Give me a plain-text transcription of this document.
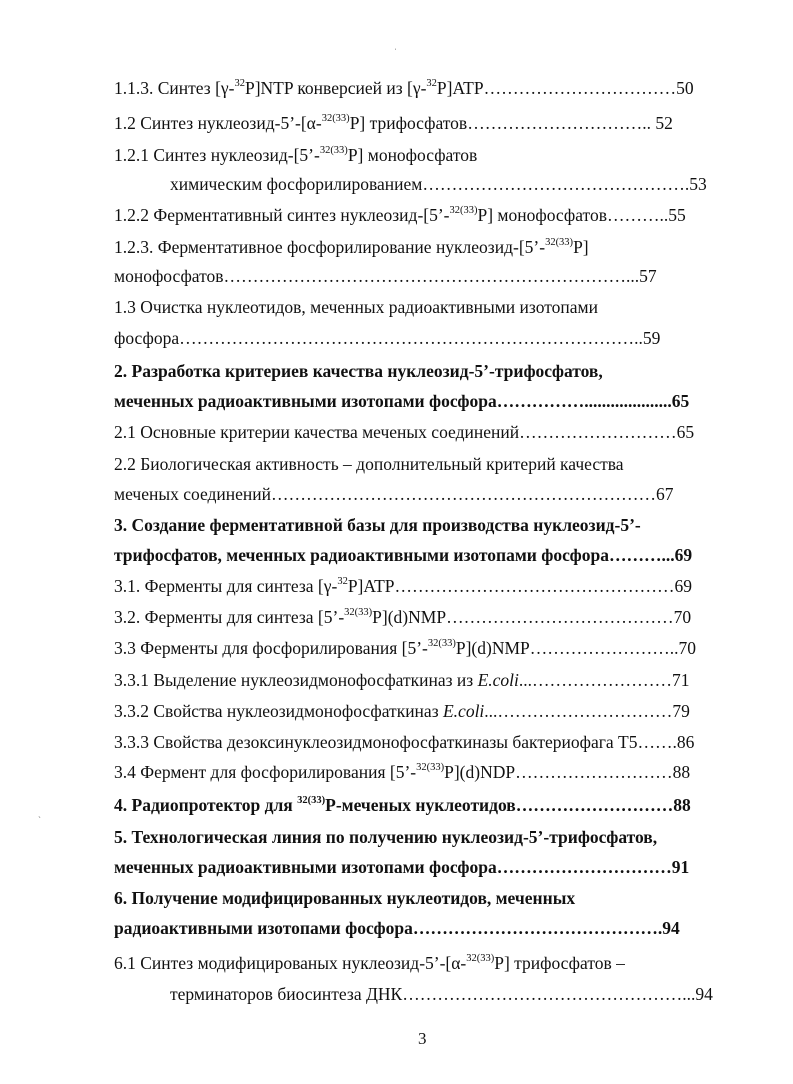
1.1.3. Синтез [γ-$^{32}$P]NTP конверсией из [γ-$^{32}$P]ATP……………………………50
1.2 Синтез нуклеозид-5’-[α-$^{32(33)}$P] трифосфатов………………………….. 52
1.2.1 Синтез нуклеозид-[5’-$^{32(33)}$P] монофосфатов
химическим фосфорилированием……………………………………….53
1.2.2 Ферментативный синтез нуклеозид-[5’-$^{32(33)}$P] монофосфатов………..55
1.2.3. Ферментативное фосфорилирование нуклеозид-[5’-$^{32(33)}$P]
монофосфатов……………………………………………………………...57
1.3 Очистка нуклеотидов, меченных радиоактивными изотопами
фосфора……………………………………………………………………..59
2. Разработка критериев качества нуклеозид-5’-трифосфатов,
меченных радиоактивными изотопами фосфора……………....................65
2.1 Основные критерии качества меченых соединений………………………65
2.2 Биологическая активность – дополнительный критерий качества
меченых соединений…………………………………………………………67
3. Создание ферментативной базы для производства нуклеозид-5’-
трифосфатов, меченных радиоактивными изотопами фосфора………...69
3.1. Ферменты для синтеза [γ-$^{32}$P]ATP…………………………………………69
3.2. Ферменты для синтеза [5’-$^{32(33)}$P](d)NMP…………………………………70
3.3 Ферменты для фосфорилирования [5’-$^{32(33)}$P](d)NMP……………………..70
3.3.1 Выделение нуклеозидмонофосфаткиназ из E.coli...……………………71
3.3.2 Свойства нуклеозидмонофосфаткиназ E.coli...…………………………79
3.3.3 Свойства дезоксинуклеозидмонофосфаткиназы бактериофага Т5…….86
3.4 Фермент для фосфорилирования [5’-$^{32(33)}$P](d)NDP………………………88
4. Радиопротектор для $^{32(33)}$P-меченых нуклеотидов………………………88
5. Технологическая линия по получению нуклеозид-5’-трифосфатов,
меченных радиоактивными изотопами фосфора…………………………91
6. Получение модифицированных нуклеотидов, меченных
радиоактивными изотопами фосфора…………………………………….94
6.1 Синтез модифицированых нуклеозид-5’-[α-$^{32(33)}$P] трифосфатов –
терминаторов биосинтеза ДНК…………………………………………...94
3
ˌ
ˏ
